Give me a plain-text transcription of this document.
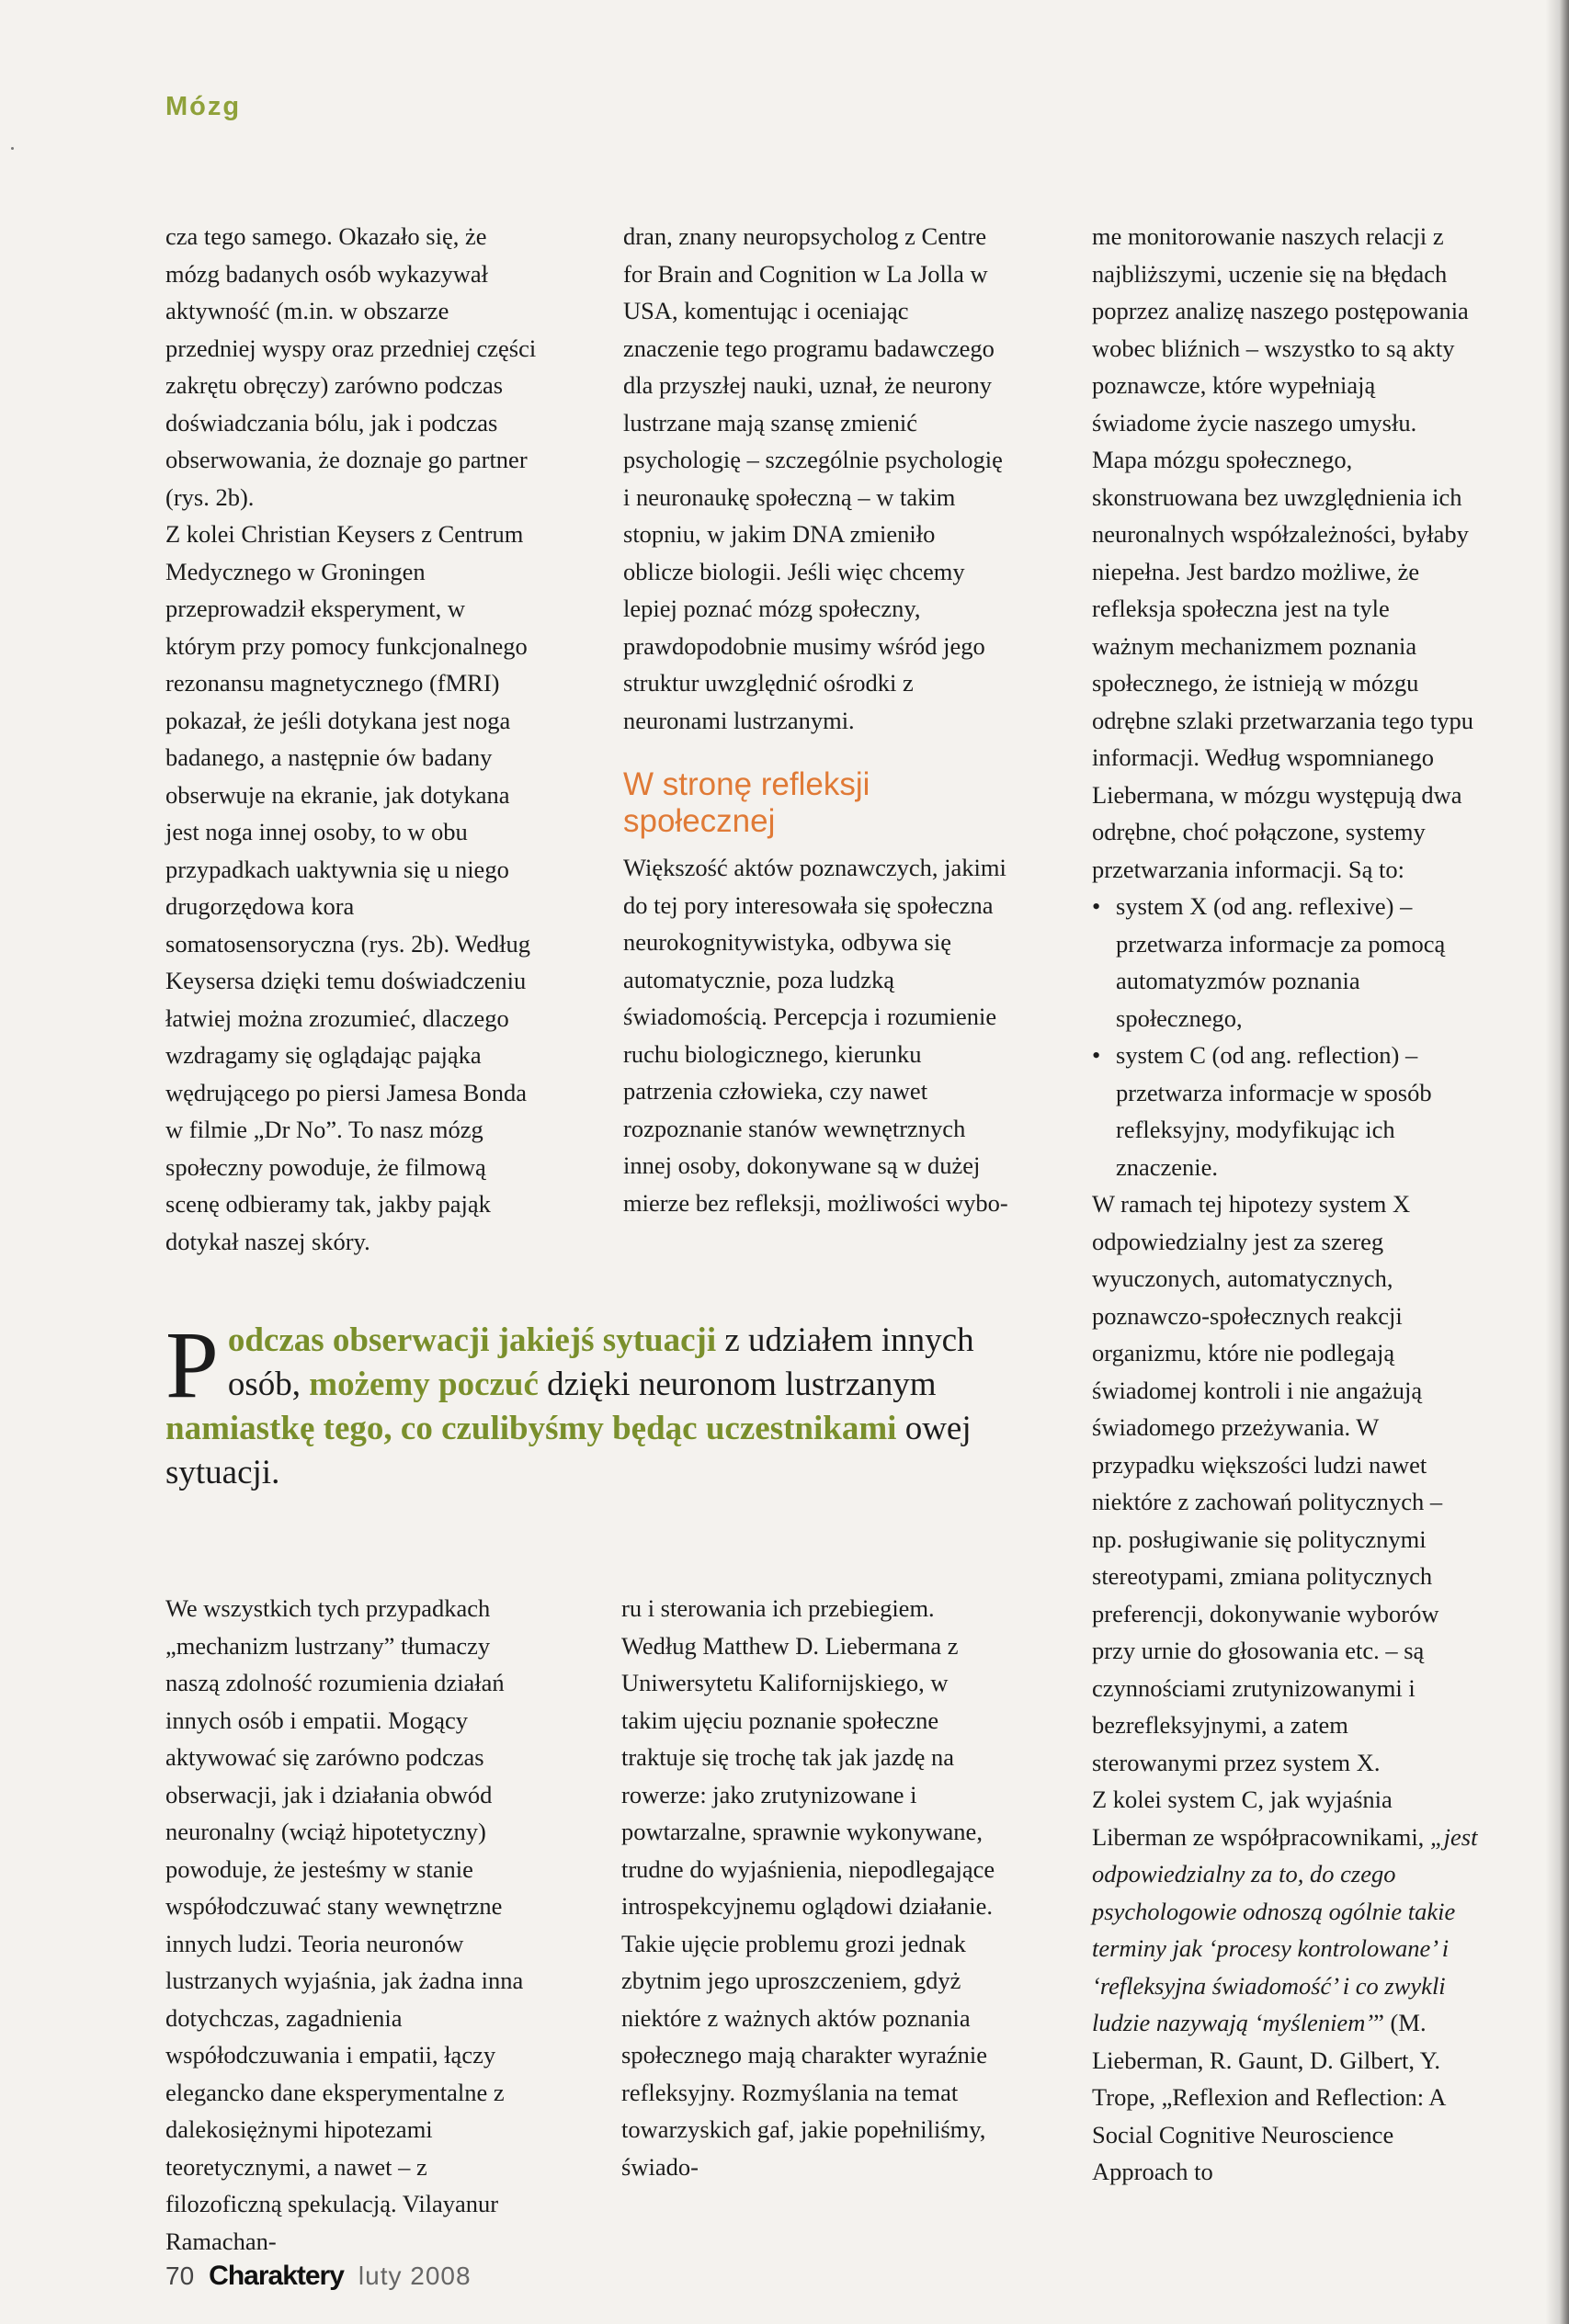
Mózg

cza tego samego. Okazało się, że mózg badanych osób wykazywał aktywność (m.in. w obszarze przedniej wyspy oraz przedniej części zakrętu obręczy) zarówno podczas doświadczania bólu, jak i podczas obserwowania, że doznaje go partner (rys. 2b).

Z kolei Christian Keysers z Centrum Medycznego w Groningen przeprowadził eksperyment, w którym przy pomocy funkcjonalnego rezonansu magnetycznego (fMRI) pokazał, że jeśli dotykana jest noga badanego, a następnie ów badany obserwuje na ekranie, jak dotykana jest noga innej osoby, to w obu przypadkach uaktywnia się u niego drugorzędowa kora somatosensoryczna (rys. 2b). Według Keysersa dzięki temu doświadczeniu łatwiej można zrozumieć, dlaczego wzdragamy się oglądając pająka wędrującego po piersi Jamesa Bonda w filmie „Dr No”. To nasz mózg społeczny powoduje, że filmową scenę odbieramy tak, jakby pająk dotykał naszej skóry.

dran, znany neuropsycholog z Centre for Brain and Cognition w La Jolla w USA, komentując i oceniając znaczenie tego programu badawczego dla przyszłej nauki, uznał, że neurony lustrzane mają szansę zmienić psychologię – szczególnie psychologię i neuronaukę społeczną – w takim stopniu, w jakim DNA zmieniło oblicze biologii. Jeśli więc chcemy lepiej poznać mózg społeczny, prawdopodobnie musimy wśród jego struktur uwzględnić ośrodki z neuronami lustrzanymi.

W stronę refleksji społecznej

Większość aktów poznawczych, jakimi do tej pory interesowała się społeczna neurokognitywistyka, odbywa się automatycznie, poza ludzką świadomością. Percepcja i rozumienie ruchu biologicznego, kierunku patrzenia człowieka, czy nawet rozpoznanie stanów wewnętrznych innej osoby, dokonywane są w dużej mierze bez refleksji, możliwości wybo-

me monitorowanie naszych relacji z najbliższymi, uczenie się na błędach poprzez analizę naszego postępowania wobec bliźnich – wszystko to są akty poznawcze, które wypełniają świadome życie naszego umysłu. Mapa mózgu społecznego, skonstruowana bez uwzględnienia ich neuronalnych współzależności, byłaby niepełna. Jest bardzo możliwe, że refleksja społeczna jest na tyle ważnym mechanizmem poznania społecznego, że istnieją w mózgu odrębne szlaki przetwarzania tego typu informacji. Według wspomnianego Liebermana, w mózgu występują dwa odrębne, choć połączone, systemy przetwarzania informacji. Są to:

• system X (od ang. reflexive) – przetwarza informacje za pomocą automatyzmów poznania społecznego,
• system C (od ang. reflection) – przetwarza informacje w sposób refleksyjny, modyfikując ich znaczenie.

W ramach tej hipotezy system X odpowiedzialny jest za szereg wyuczonych, automatycznych, poznawczo-społecznych reakcji organizmu, które nie podlegają świadomej kontroli i nie angażują świadomego przeżywania. W przypadku większości ludzi nawet niektóre z zachowań politycznych – np. posługiwanie się politycznymi stereotypami, zmiana politycznych preferencji, dokonywanie wyborów przy urnie do głosowania etc. – są czynnościami zrutynizowanymi i bezrefleksyjnymi, a zatem sterowanymi przez system X.

Z kolei system C, jak wyjaśnia Liberman ze współpracownikami, „jest odpowiedzialny za to, do czego psychologowie odnoszą ogólnie takie terminy jak ‘procesy kontrolowane’ i ‘refleksyjna świadomość’ i co zwykli ludzie nazywają ‘myśleniem’” (M. Lieberman, R. Gaunt, D. Gilbert, Y. Trope, „Reflexion and Reflection: A Social Cognitive Neuroscience Approach to

Podczas obserwacji jakiejś sytuacji z udziałem innych osób, możemy poczuć dzięki neuronom lustrzanym namiastkę tego, co czulibyśmy będąc uczestnikami owej sytuacji.

We wszystkich tych przypadkach „mechanizm lustrzany” tłumaczy naszą zdolność rozumienia działań innych osób i empatii. Mogący aktywować się zarówno podczas obserwacji, jak i działania obwód neuronalny (wciąż hipotetyczny) powoduje, że jesteśmy w stanie współodczuwać stany wewnętrzne innych ludzi. Teoria neuronów lustrzanych wyjaśnia, jak żadna inna dotychczas, zagadnienia współodczuwania i empatii, łączy elegancko dane eksperymentalne z dalekosiężnymi hipotezami teoretycznymi, a nawet – z filozoficzną spekulacją. Vilayanur Ramachan-

ru i sterowania ich przebiegiem. Według Matthew D. Liebermana z Uniwersytetu Kalifornijskiego, w takim ujęciu poznanie społeczne traktuje się trochę tak jak jazdę na rowerze: jako zrutynizowane i powtarzalne, sprawnie wykonywane, trudne do wyjaśnienia, niepodlegające introspekcyjnemu oglądowi działanie.

Takie ujęcie problemu grozi jednak zbytnim jego uproszczeniem, gdyż niektóre z ważnych aktów poznania społecznego mają charakter wyraźnie refleksyjny. Rozmyślania na temat towarzyskich gaf, jakie popełniliśmy, świado-

70 Charaktery luty 2008
